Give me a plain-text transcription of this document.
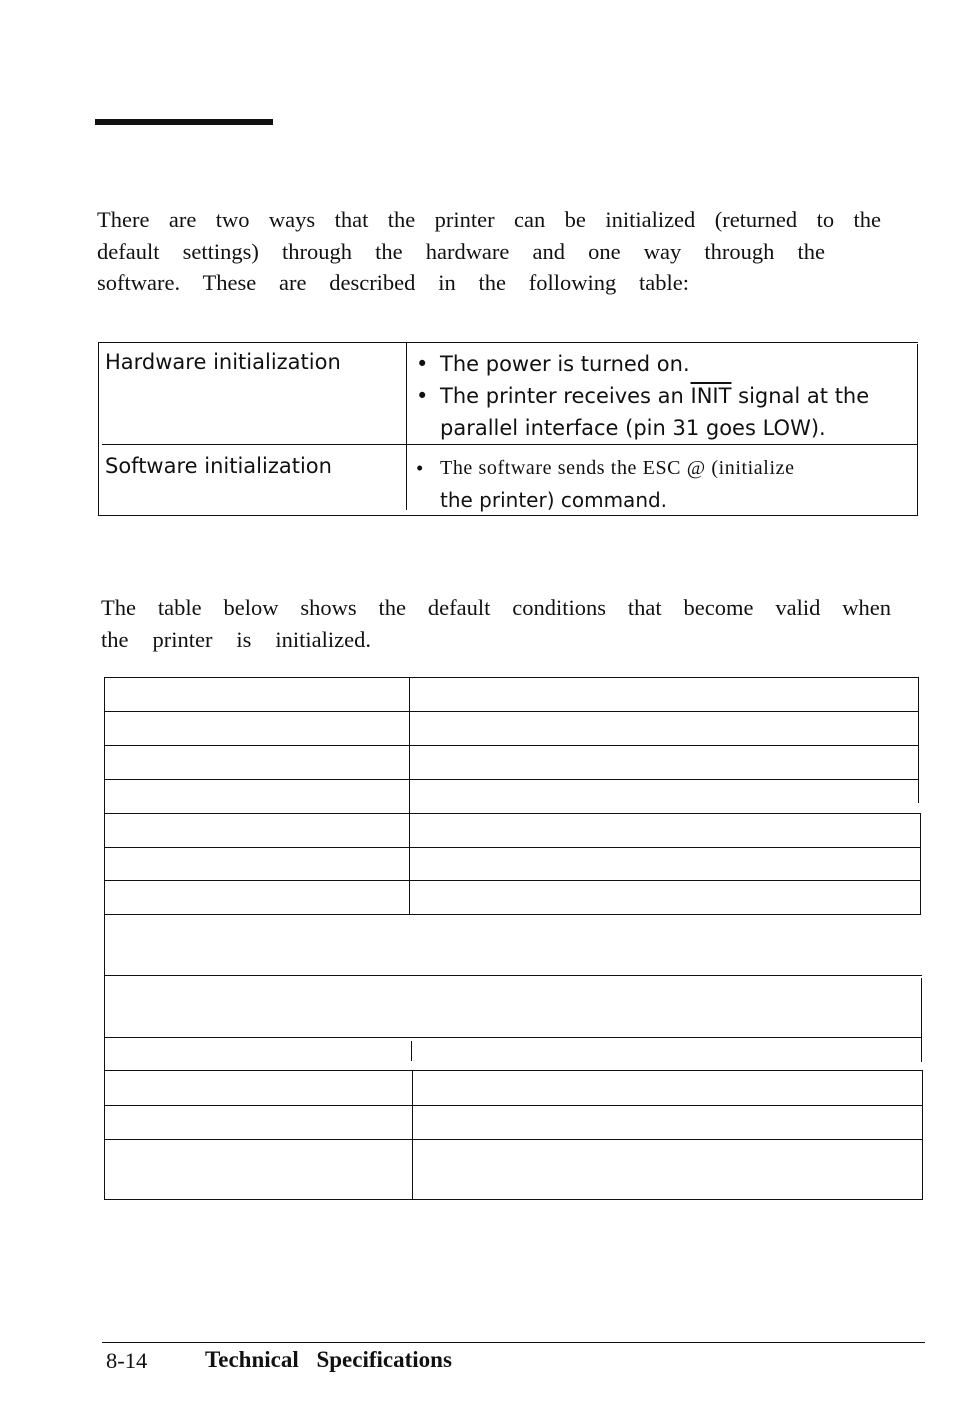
There are two ways that the printer can be initialized (returned to the
default settings) through the hardware and one way through the
software. These are described in the following table:

Hardware initialization	• The power is turned on.
• The printer receives an INIT signal at the
parallel interface (pin 31 goes LOW).
Software initialization	• The software sends the ESC @ (initialize
the printer) command.

The table below shows the default conditions that become valid when
the printer is initialized.

8-14	Technical Specifications
